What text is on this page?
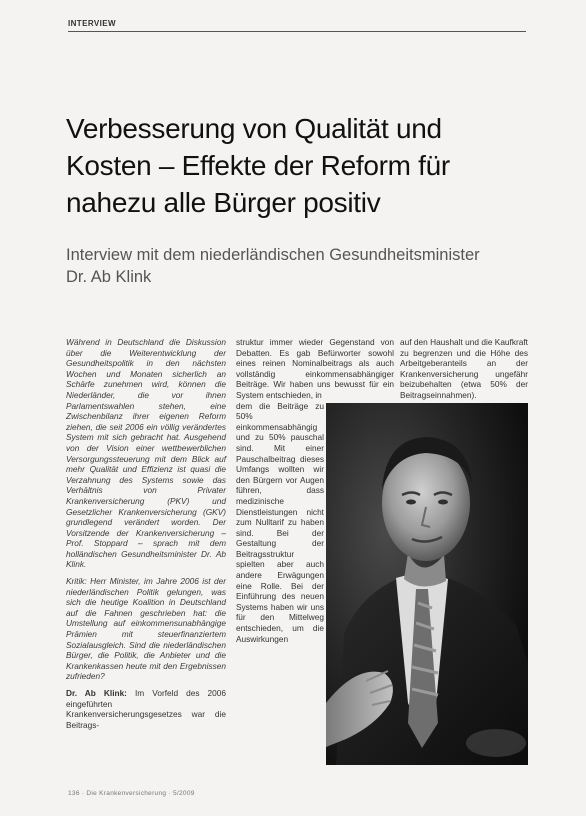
INTERVIEW
Verbesserung von Qualität und
Kosten – Effekte der Reform für
nahezu alle Bürger positiv
Interview mit dem niederländischen Gesundheitsminister
Dr. Ab Klink

Während in Deutschland die Diskussion über die Weiterentwicklung der Gesundheitspolitik in den nächsten Wochen und Monaten sicherlich an Schärfe zunehmen wird, können die Niederländer, die vor ihnen Parlamentswahlen stehen, eine Zwischenbilanz ihrer eigenen Reform ziehen, die seit 2006 ein völlig verändertes System mit sich gebracht hat. Ausgehend von der Vision einer wettbewerblichen Versorgungssteuerung mit dem Blick auf mehr Qualität und Effizienz ist quasi die Verzahnung des Systems sowie das Verhältnis von Privater Krankenversicherung (PKV) und Gesetzlicher Krankenversicherung (GKV) grundlegend verändert worden. Der Vorsitzende der Krankenversicherung – Prof. Stoppard – sprach mit dem holländischen Gesundheitsminister Dr. Ab Klink.

Kritik: Herr Minister, im Jahre 2006 ist der niederländischen Politik gelungen, was sich die heutige Koalition in Deutschland auf die Fahnen geschrieben hat: die Umstellung auf einkommensunabhängige Prämien mit steuerfinanziertem Sozialausgleich. Sind die niederländischen Bürger, die Politik, die Anbieter und die Krankenkassen heute mit den Ergebnissen zufrieden?

Dr. Ab Klink: Im Vorfeld des 2006 eingeführten Krankenversicherungsgesetzes war die Beitrags-

struktur immer wieder Gegenstand von Debatten. Es gab Befürworter sowohl eines reinen Nominalbeitrags als auch vollständig einkommensabhängiger Beiträge. Wir haben uns bewusst für ein System entschieden, in

dem die Beiträge zu 50% einkommensabhängig und zu 50% pauschal sind. Mit einer Pauschalbeitrag dieses Umfangs wollten wir den Bürgern vor Augen führen, dass medizinische Dienstleistungen nicht zum Nulltarif zu haben sind. Bei der Gestaltung der Beitragsstruktur spielten aber auch andere Erwägungen eine Rolle. Bei der Einführung des neuen Systems haben wir uns für den Mittelweg entschieden, um die Auswirkungen

auf den Haushalt und die Kaufkraft zu begrenzen und die Höhe des Arbeitgeberanteils an der Krankenversicherung ungefähr beizubehalten (etwa 50% der Beitragseinnahmen).

136 · Die Krankenversicherung · 5/2009
